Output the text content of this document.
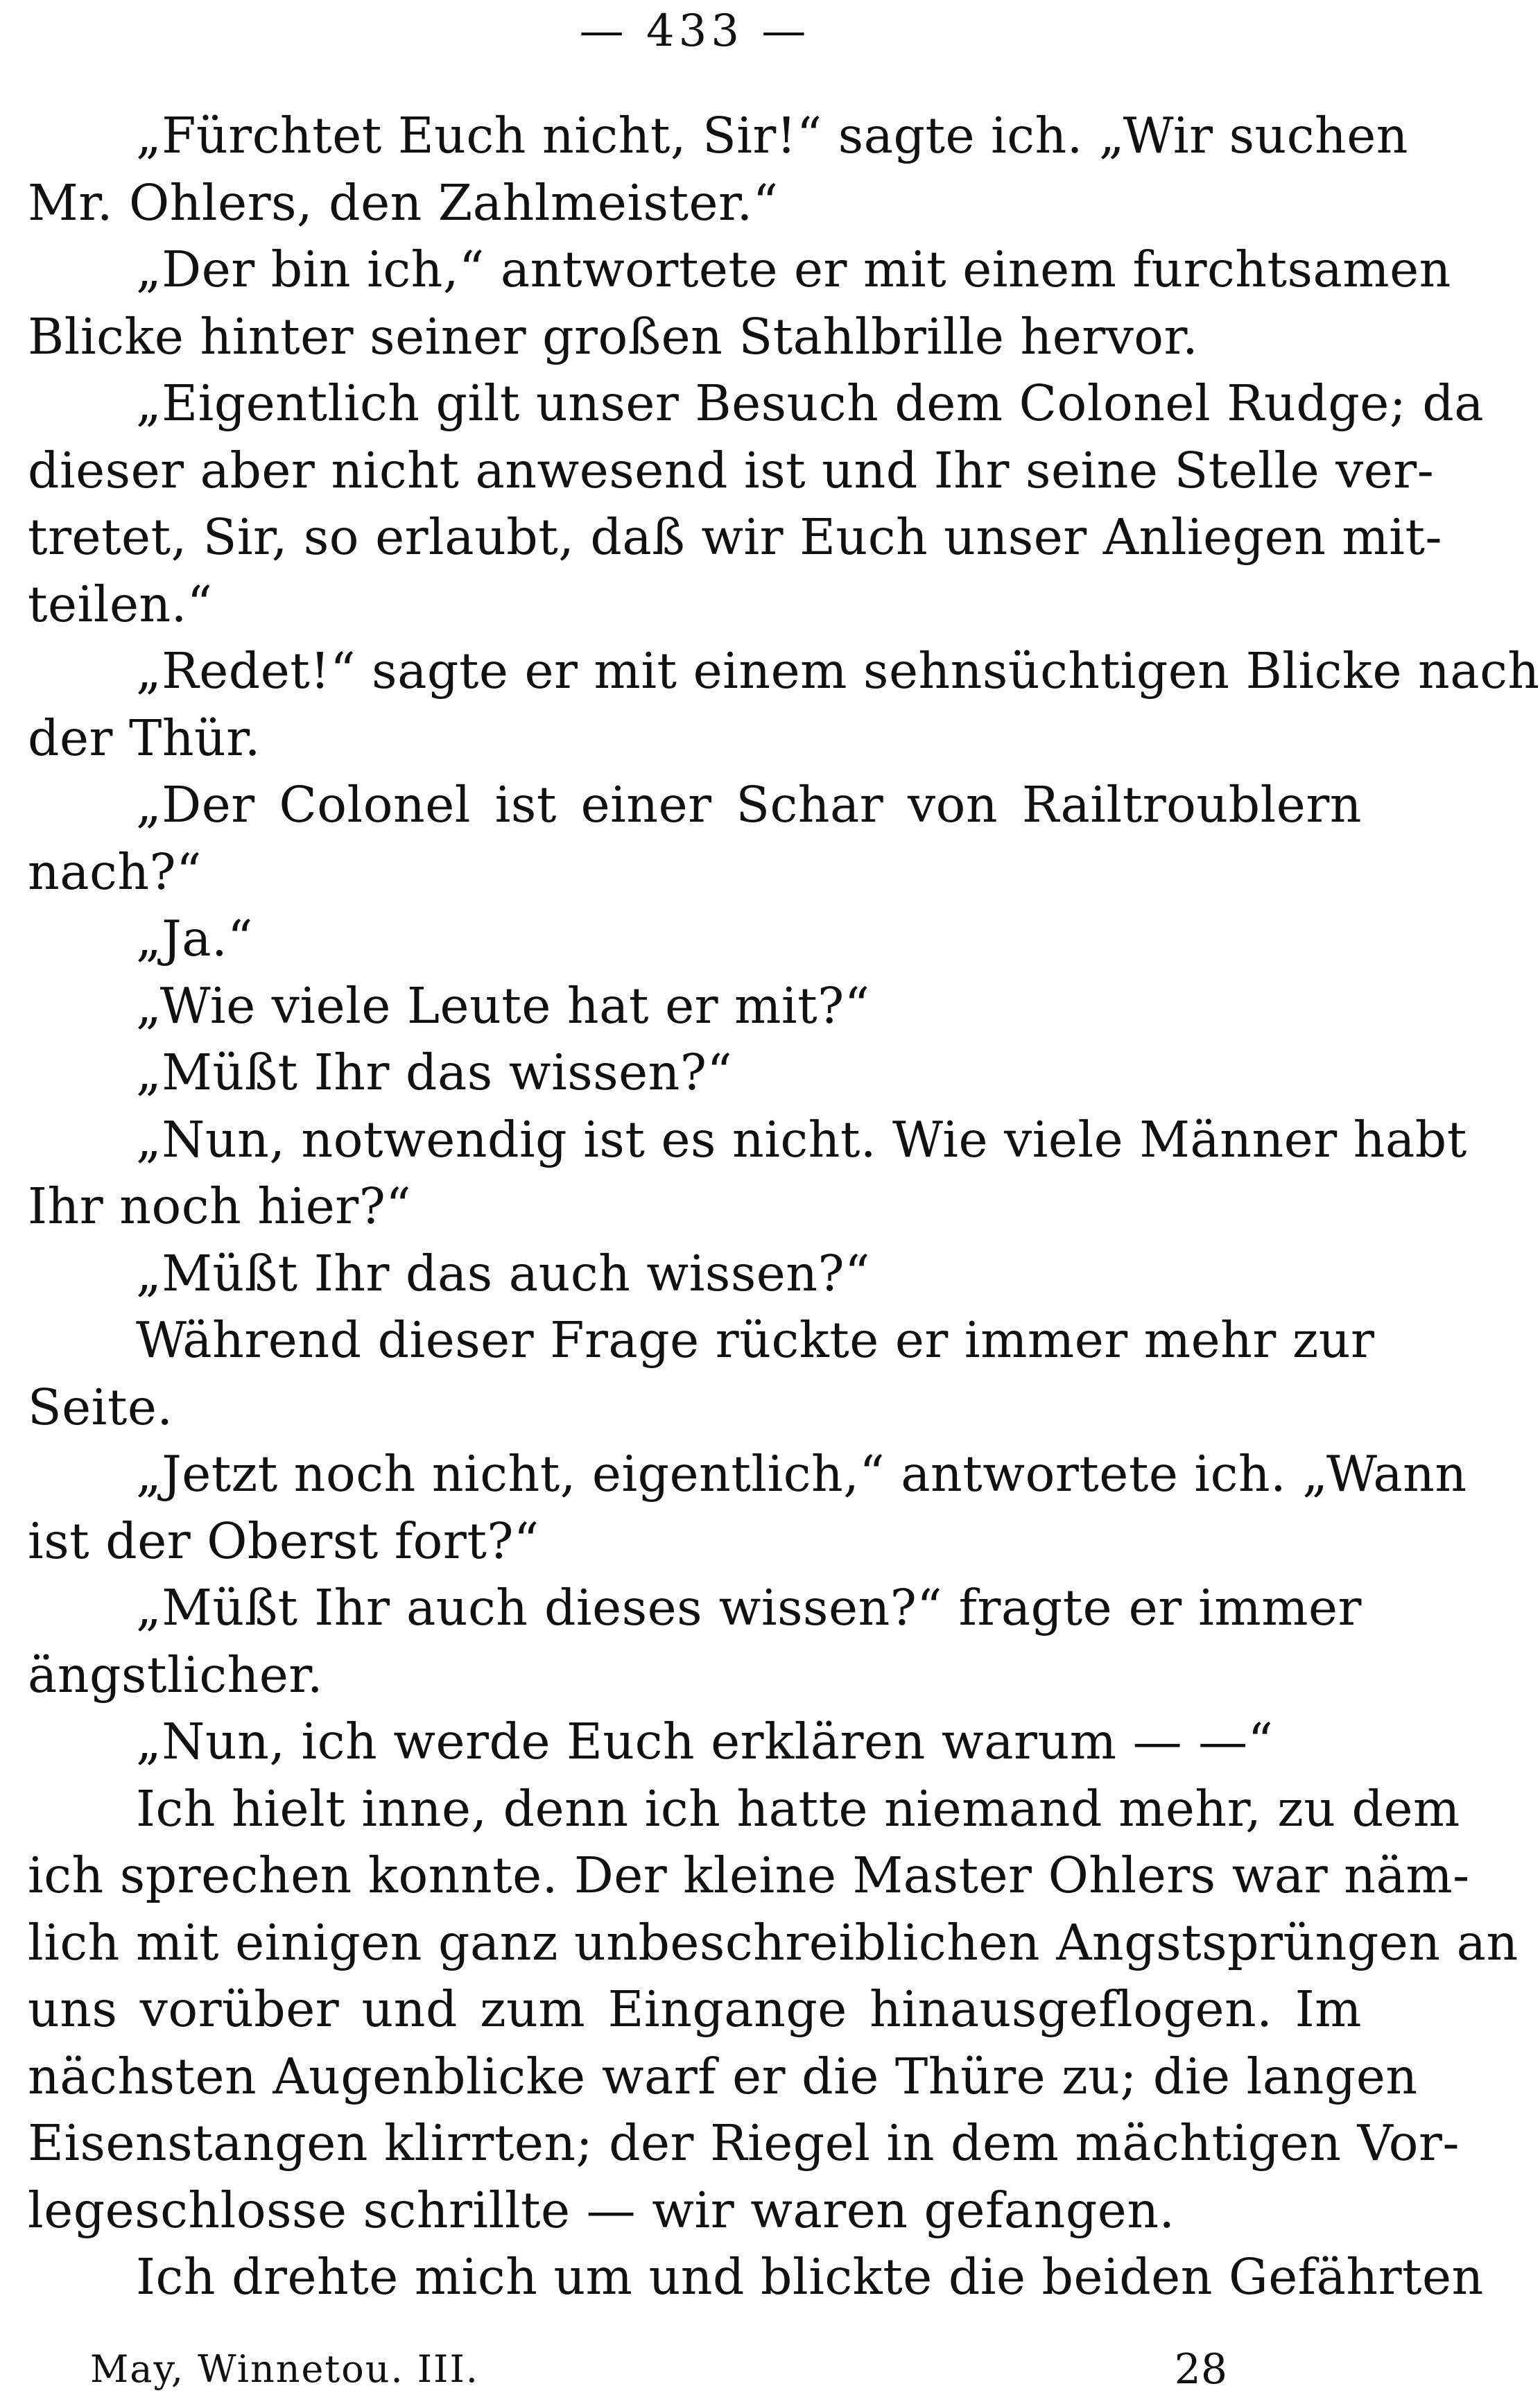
— 433 —
„Fürchtet Euch nicht, Sir!“ sagte ich. „Wir suchen
Mr. Ohlers, den Zahlmeister.“
„Der bin ich,“ antwortete er mit einem furchtsamen
Blicke hinter seiner großen Stahlbrille hervor.
„Eigentlich gilt unser Besuch dem Colonel Rudge; da
dieser aber nicht anwesend ist und Ihr seine Stelle ver-
tretet, Sir, so erlaubt, daß wir Euch unser Anliegen mit-
teilen.“
„Redet!“ sagte er mit einem sehnsüchtigen Blicke nach
der Thür.
„Der Colonel ist einer Schar von Railtroublern
nach?“
„Ja.“
„Wie viele Leute hat er mit?“
„Müßt Ihr das wissen?“
„Nun, notwendig ist es nicht. Wie viele Männer habt
Ihr noch hier?“
„Müßt Ihr das auch wissen?“
Während dieser Frage rückte er immer mehr zur
Seite.
„Jetzt noch nicht, eigentlich,“ antwortete ich. „Wann
ist der Oberst fort?“
„Müßt Ihr auch dieses wissen?“ fragte er immer
ängstlicher.
„Nun, ich werde Euch erklären warum — —“
Ich hielt inne, denn ich hatte niemand mehr, zu dem
ich sprechen konnte. Der kleine Master Ohlers war näm-
lich mit einigen ganz unbeschreiblichen Angstsprüngen an
uns vorüber und zum Eingange hinausgeflogen. Im
nächsten Augenblicke warf er die Thüre zu; die langen
Eisenstangen klirrten; der Riegel in dem mächtigen Vor-
legeschlosse schrillte — wir waren gefangen.
Ich drehte mich um und blickte die beiden Gefährten
May, Winnetou. III.	28
